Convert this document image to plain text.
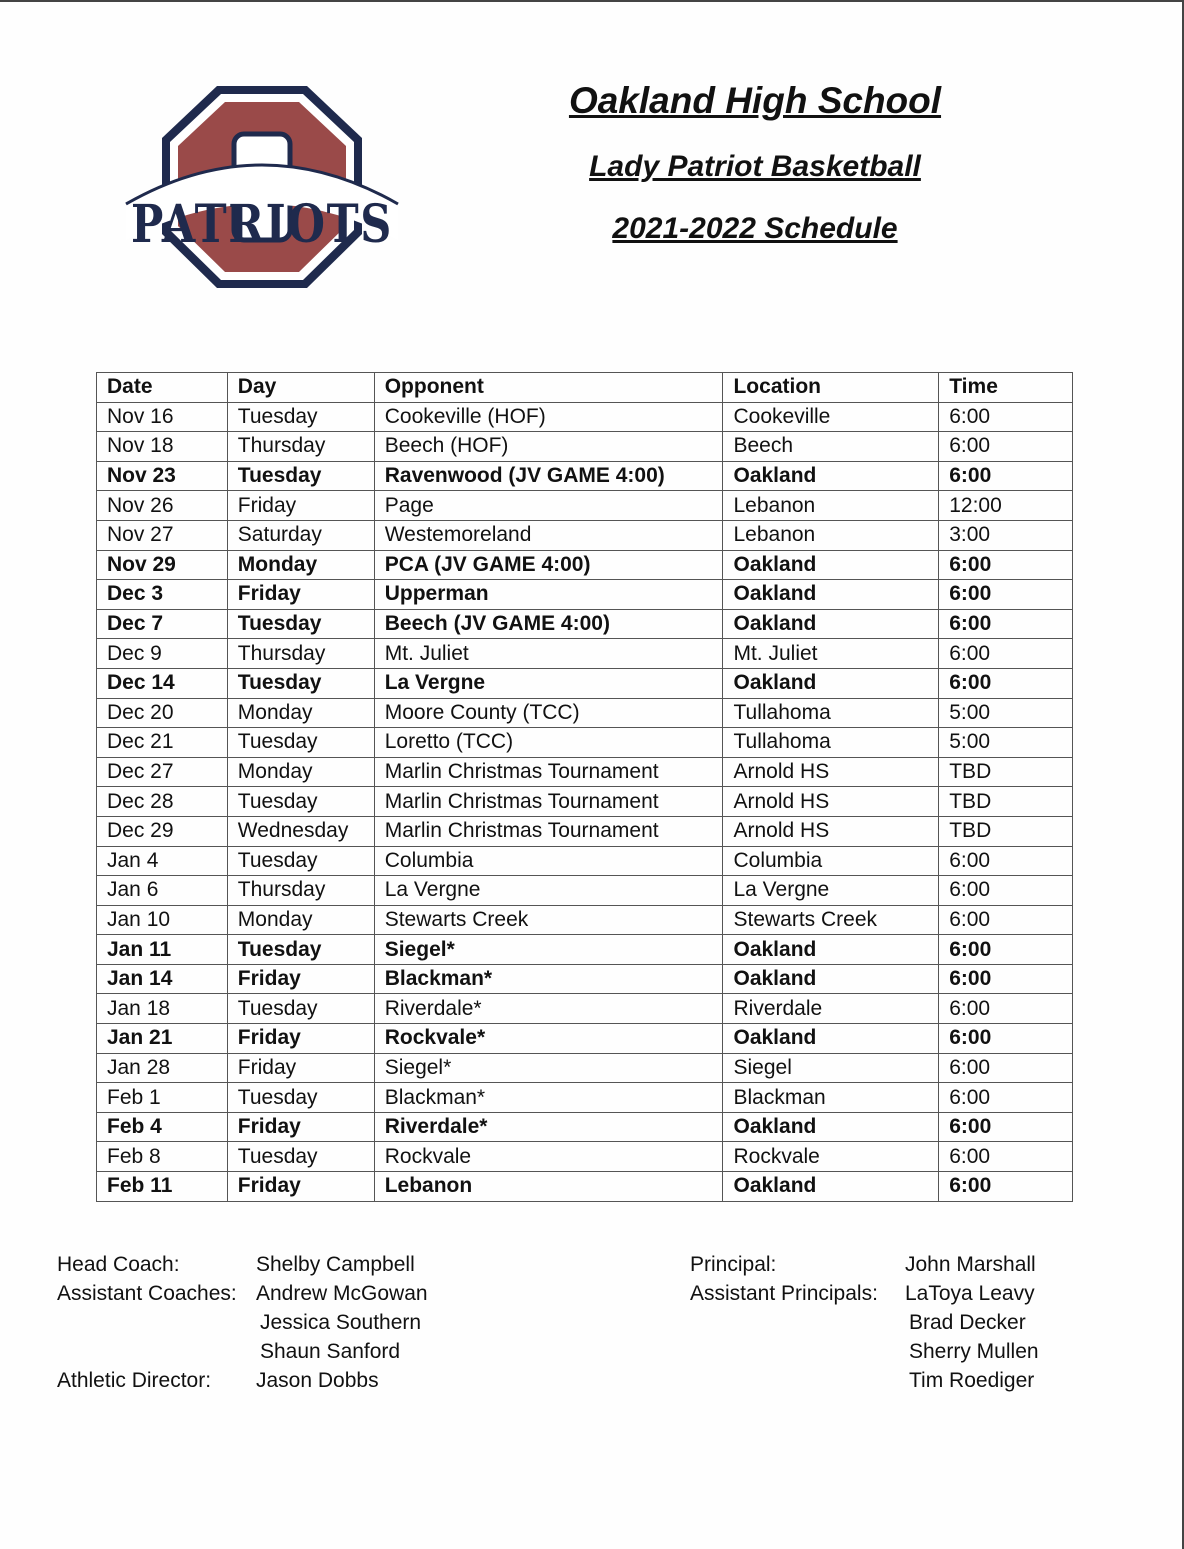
PATRIOTS
Oakland High School
Lady Patriot Basketball
2021-2022 Schedule
Date	Day	Opponent	Location	Time
Nov 16	Tuesday	Cookeville (HOF)	Cookeville	6:00
Nov 18	Thursday	Beech (HOF)	Beech	6:00
Nov 23	Tuesday	Ravenwood (JV GAME 4:00)	Oakland	6:00
Nov 26	Friday	Page	Lebanon	12:00
Nov 27	Saturday	Westemoreland	Lebanon	3:00
Nov 29	Monday	PCA (JV GAME 4:00)	Oakland	6:00
Dec 3	Friday	Upperman	Oakland	6:00
Dec 7	Tuesday	Beech (JV GAME 4:00)	Oakland	6:00
Dec 9	Thursday	Mt. Juliet	Mt. Juliet	6:00
Dec 14	Tuesday	La Vergne	Oakland	6:00
Dec 20	Monday	Moore County (TCC)	Tullahoma	5:00
Dec 21	Tuesday	Loretto (TCC)	Tullahoma	5:00
Dec 27	Monday	Marlin Christmas Tournament	Arnold HS	TBD
Dec 28	Tuesday	Marlin Christmas Tournament	Arnold HS	TBD
Dec 29	Wednesday	Marlin Christmas Tournament	Arnold HS	TBD
Jan 4	Tuesday	Columbia	Columbia	6:00
Jan 6	Thursday	La Vergne	La Vergne	6:00
Jan 10	Monday	Stewarts Creek	Stewarts Creek	6:00
Jan 11	Tuesday	Siegel*	Oakland	6:00
Jan 14	Friday	Blackman*	Oakland	6:00
Jan 18	Tuesday	Riverdale*	Riverdale	6:00
Jan 21	Friday	Rockvale*	Oakland	6:00
Jan 28	Friday	Siegel*	Siegel	6:00
Feb 1	Tuesday	Blackman*	Blackman	6:00
Feb 4	Friday	Riverdale*	Oakland	6:00
Feb 8	Tuesday	Rockvale	Rockvale	6:00
Feb 11	Friday	Lebanon	Oakland	6:00
Head Coach:	Shelby Campbell
Assistant Coaches: Andrew McGowan
Jessica Southern
Shaun Sanford
Athletic Director:	Jason Dobbs
Principal:	John Marshall
Assistant Principals:	LaToya Leavy
Brad Decker
Sherry Mullen
Tim Roediger
